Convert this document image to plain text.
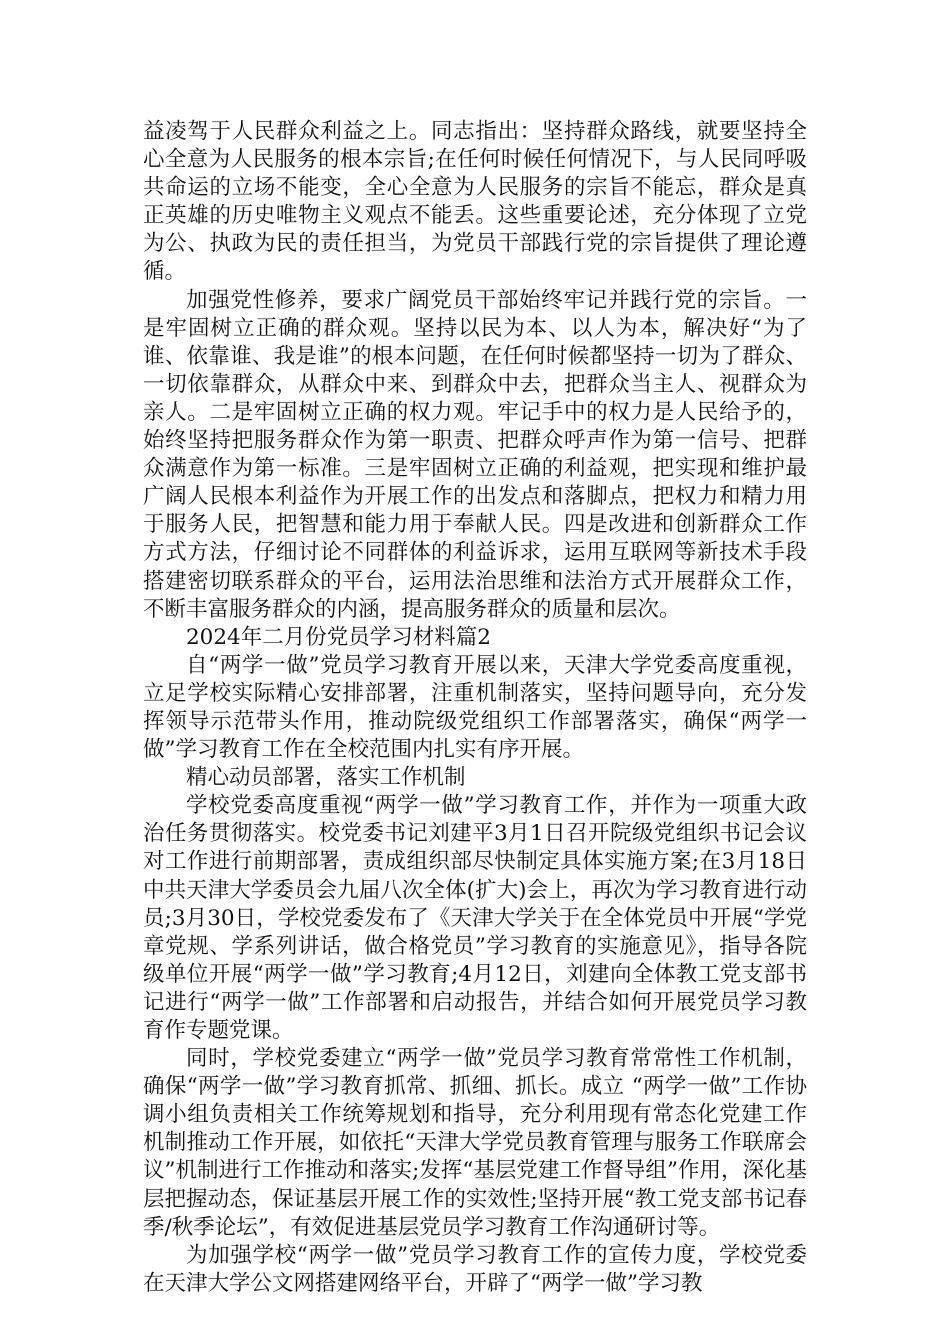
益凌驾于人民群众利益之上。同志指出：坚持群众路线，就要坚持全心全意为人民服务的根本宗旨;在任何时候任何情况下，与人民同呼吸共命运的立场不能变，全心全意为人民服务的宗旨不能忘，群众是真正英雄的历史唯物主义观点不能丢。这些重要论述，充分体现了立党为公、执政为民的责任担当，为党员干部践行党的宗旨提供了理论遵循。

加强党性修养，要求广阔党员干部始终牢记并践行党的宗旨。一是牢固树立正确的群众观。坚持以民为本、以人为本，解决好“为了谁、依靠谁、我是谁”的根本问题，在任何时候都坚持一切为了群众、一切依靠群众，从群众中来、到群众中去，把群众当主人、视群众为亲人。二是牢固树立正确的权力观。牢记手中的权力是人民给予的，始终坚持把服务群众作为第一职责、把群众呼声作为第一信号、把群众满意作为第一标准。三是牢固树立正确的利益观，把实现和维护最广阔人民根本利益作为开展工作的出发点和落脚点，把权力和精力用于服务人民，把智慧和能力用于奉献人民。四是改进和创新群众工作方式方法，仔细讨论不同群体的利益诉求，运用互联网等新技术手段搭建密切联系群众的平台，运用法治思维和法治方式开展群众工作，不断丰富服务群众的内涵，提高服务群众的质量和层次。

2024年二月份党员学习材料篇2

自“两学一做”党员学习教育开展以来，天津大学党委高度重视，立足学校实际精心安排部署，注重机制落实，坚持问题导向，充分发挥领导示范带头作用，推动院级党组织工作部署落实，确保“两学一做”学习教育工作在全校范围内扎实有序开展。

精心动员部署，落实工作机制

学校党委高度重视“两学一做”学习教育工作，并作为一项重大政治任务贯彻落实。校党委书记刘建平3月1日召开院级党组织书记会议对工作进行前期部署，责成组织部尽快制定具体实施方案;在3月18日中共天津大学委员会九届八次全体(扩大)会上，再次为学习教育进行动员;3月30日，学校党委发布了《天津大学关于在全体党员中开展“学党章党规、学系列讲话，做合格党员”学习教育的实施意见》，指导各院级单位开展“两学一做”学习教育;4月12日，刘建向全体教工党支部书记进行“两学一做”工作部署和启动报告，并结合如何开展党员学习教育作专题党课。

同时，学校党委建立“两学一做”党员学习教育常常性工作机制，确保“两学一做”学习教育抓常、抓细、抓长。成立 “两学一做”工作协调小组负责相关工作统筹规划和指导，充分利用现有常态化党建工作机制推动工作开展，如依托“天津大学党员教育管理与服务工作联席会议”机制进行工作推动和落实;发挥“基层党建工作督导组”作用，深化基层把握动态，保证基层开展工作的实效性;坚持开展“教工党支部书记春季/秋季论坛”，有效促进基层党员学习教育工作沟通研讨等。

为加强学校“两学一做”党员学习教育工作的宣传力度，学校党委在天津大学公文网搭建网络平台，开辟了“两学一做”学习教
